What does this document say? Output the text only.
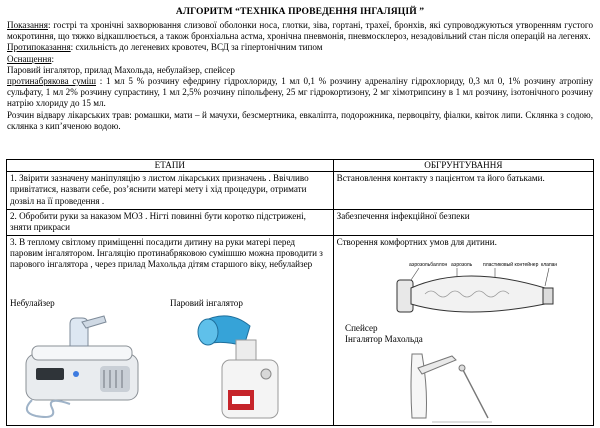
АЛГОРИТМ “ТЕХНІКА ПРОВЕДЕННЯ ІНГАЛЯЦІЙ ”

Показання: гострі та хронічні захворювання слизової оболонки носа, глотки, зіва, гортані, трахеї, бронхів, які супроводжуються утворенням густого мокротиння, що тяжко відкашлюється, а також бронхіальна астма, хронічна пневмонія, пневмосклероз, незадовільний стан після операцій на легенях.

Протипоказання: схильність до легеневих кровотеч, ВСД за гіпертонічним типом

Оснащення:

Паровий інгалятор, прилад Махольда, небулайзер, спейсер

протинабрякова суміш : 1 мл 5 % розчину ефедрину гідрохлориду, 1 мл 0,1 % розчину адреналіну гідрохлориду, 0,3 мл 0, 1% розчину атропіну сульфату, 1 мл 2% розчину супрастину, 1 мл 2,5% розчину піпольфену, 25 мг гідрокортизону, 2 мг хімотрипсину в 1 мл розчину, ізотонічного розчину натрію хлориду до 15 мл.

Розчин відвару лікарських трав: ромашки, мати – й мачухи, безсмертника, евкаліпта, подорожника, первоцвіту, фіалки, квіток липи. Склянка з содою, склянка з кип’яченою водою.

ЕТАПИ	ОБГРУНТУВАННЯ
1. Звірити зазначену маніпуляцію з листом лікарських призначень . Ввічливо привітатися, назвати себе, роз’яснити матері мету і хід процедури, отримати дозвіл на її проведення .	Встановлення контакту з пацієнтом та його батьками.
2. Обробити руки за наказом МОЗ . Нігті повинні бути коротко підстрижені, зняти прикраси	Забезпечення інфекційної безпеки

3. В теплому світлому приміщенні посадити дитину на руки матері перед паровим інгалятором. Інгаляцію протинабряковою сумішшю можна проводити з парового інгалятора , через прилад Махольда дітям старшого віку, небулайзер	Створення комфортних умов для дитини.
Небулайзер	Паровий інгалятор
аэрозольбаллон аэрозоль пластиковый контейнер клапан
Спейсер
Інгалятор Махольда
